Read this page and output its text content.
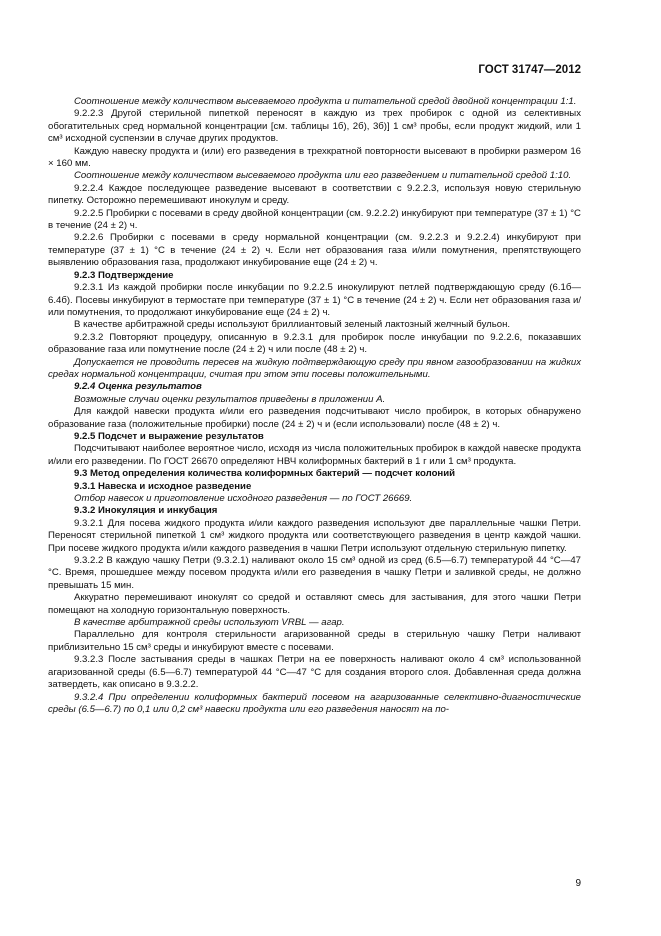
ГОСТ 31747—2012

Соотношение между количеством высеваемого продукта и питательной средой двойной концентрации 1:1.

9.2.2.3 Другой стерильной пипеткой переносят в каждую из трех пробирок с одной из селективных обогатительных сред нормальной концентрации [см. таблицы 1б), 2б), 3б)] 1 см³ пробы, если продукт жидкий, или 1 см³ исходной суспензии в случае других продуктов.

Каждую навеску продукта и (или) его разведения в трехкратной повторности высевают в пробирки размером 16 × 160 мм.

Соотношение между количеством высеваемого продукта или его разведением и питательной средой 1:10.

9.2.2.4 Каждое последующее разведение высевают в соответствии с 9.2.2.3, используя новую стерильную пипетку. Осторожно перемешивают инокулум и среду.

9.2.2.5 Пробирки с посевами в среду двойной концентрации (см. 9.2.2.2) инкубируют при температуре (37 ± 1) °С в течение (24 ± 2) ч.

9.2.2.6 Пробирки с посевами в среду нормальной концентрации (см. 9.2.2.3 и 9.2.2.4) инкубируют при температуре (37 ± 1) °С в течение (24 ± 2) ч. Если нет образования газа и/или помутнения, препятствующего выявлению образования газа, продолжают инкубирование еще (24 ± 2) ч.

9.2.3 Подтверждение

9.2.3.1 Из каждой пробирки после инкубации по 9.2.2.5 инокулируют петлей подтверждающую среду (6.1б—6.4б). Посевы инкубируют в термостате при температуре (37 ± 1) °С в течение (24 ± 2) ч. Если нет образования газа и/или помутнения, то продолжают инкубирование еще (24 ± 2) ч.

В качестве арбитражной среды используют бриллиантовый зеленый лактозный желчный бульон.

9.2.3.2 Повторяют процедуру, описанную в 9.2.3.1 для пробирок после инкубации по 9.2.2.6, показавших образование газа или помутнение после (24 ± 2) ч или после (48 ± 2) ч.

Допускается не проводить пересев на жидкую подтверждающую среду при явном газообразовании на жидких средах нормальной концентрации, считая при этом эти посевы положительными.

9.2.4 Оценка результатов

Возможные случаи оценки результатов приведены в приложении А.

Для каждой навески продукта и/или его разведения подсчитывают число пробирок, в которых обнаружено образование газа (положительные пробирки) после (24 ± 2) ч и (если использовали) после (48 ± 2) ч.

9.2.5 Подсчет и выражение результатов

Подсчитывают наиболее вероятное число, исходя из числа положительных пробирок в каждой навеске продукта и/или его разведении. По ГОСТ 26670 определяют НВЧ колиформных бактерий в 1 г или 1 см³ продукта.

9.3 Метод определения количества колиформных бактерий — подсчет колоний

9.3.1 Навеска и исходное разведение

Отбор навесок и приготовление исходного разведения — по ГОСТ 26669.

9.3.2 Инокуляция и инкубация

9.3.2.1 Для посева жидкого продукта и/или каждого разведения используют две параллельные чашки Петри. Переносят стерильной пипеткой 1 см³ жидкого продукта или соответствующего разведения в центр каждой чашки. При посеве жидкого продукта и/или каждого разведения в чашки Петри используют отдельную стерильную пипетку.

9.3.2.2 В каждую чашку Петри (9.3.2.1) наливают около 15 см³ одной из сред (6.5—6.7) температурой 44 °С—47 °С. Время, прошедшее между посевом продукта и/или его разведения в чашку Петри и заливкой среды, не должно превышать 15 мин.

Аккуратно перемешивают инокулят со средой и оставляют смесь для застывания, для этого чашки Петри помещают на холодную горизонтальную поверхность.

В качестве арбитражной среды используют VRBL — агар.

Параллельно для контроля стерильности агаризованной среды в стерильную чашку Петри наливают приблизительно 15 см³ среды и инкубируют вместе с посевами.

9.3.2.3 После застывания среды в чашках Петри на ее поверхность наливают около 4 см³ использованной агаризованной среды (6.5—6.7) температурой 44 °С—47 °С для создания второго слоя. Добавленная среда должна затвердеть, как описано в 9.3.2.2.

9.3.2.4 При определении колиформных бактерий посевом на агаризованные селективно-диагностические среды (6.5—6.7) по 0,1 или 0,2 см³ навески продукта или его разведения наносят на по-

9
